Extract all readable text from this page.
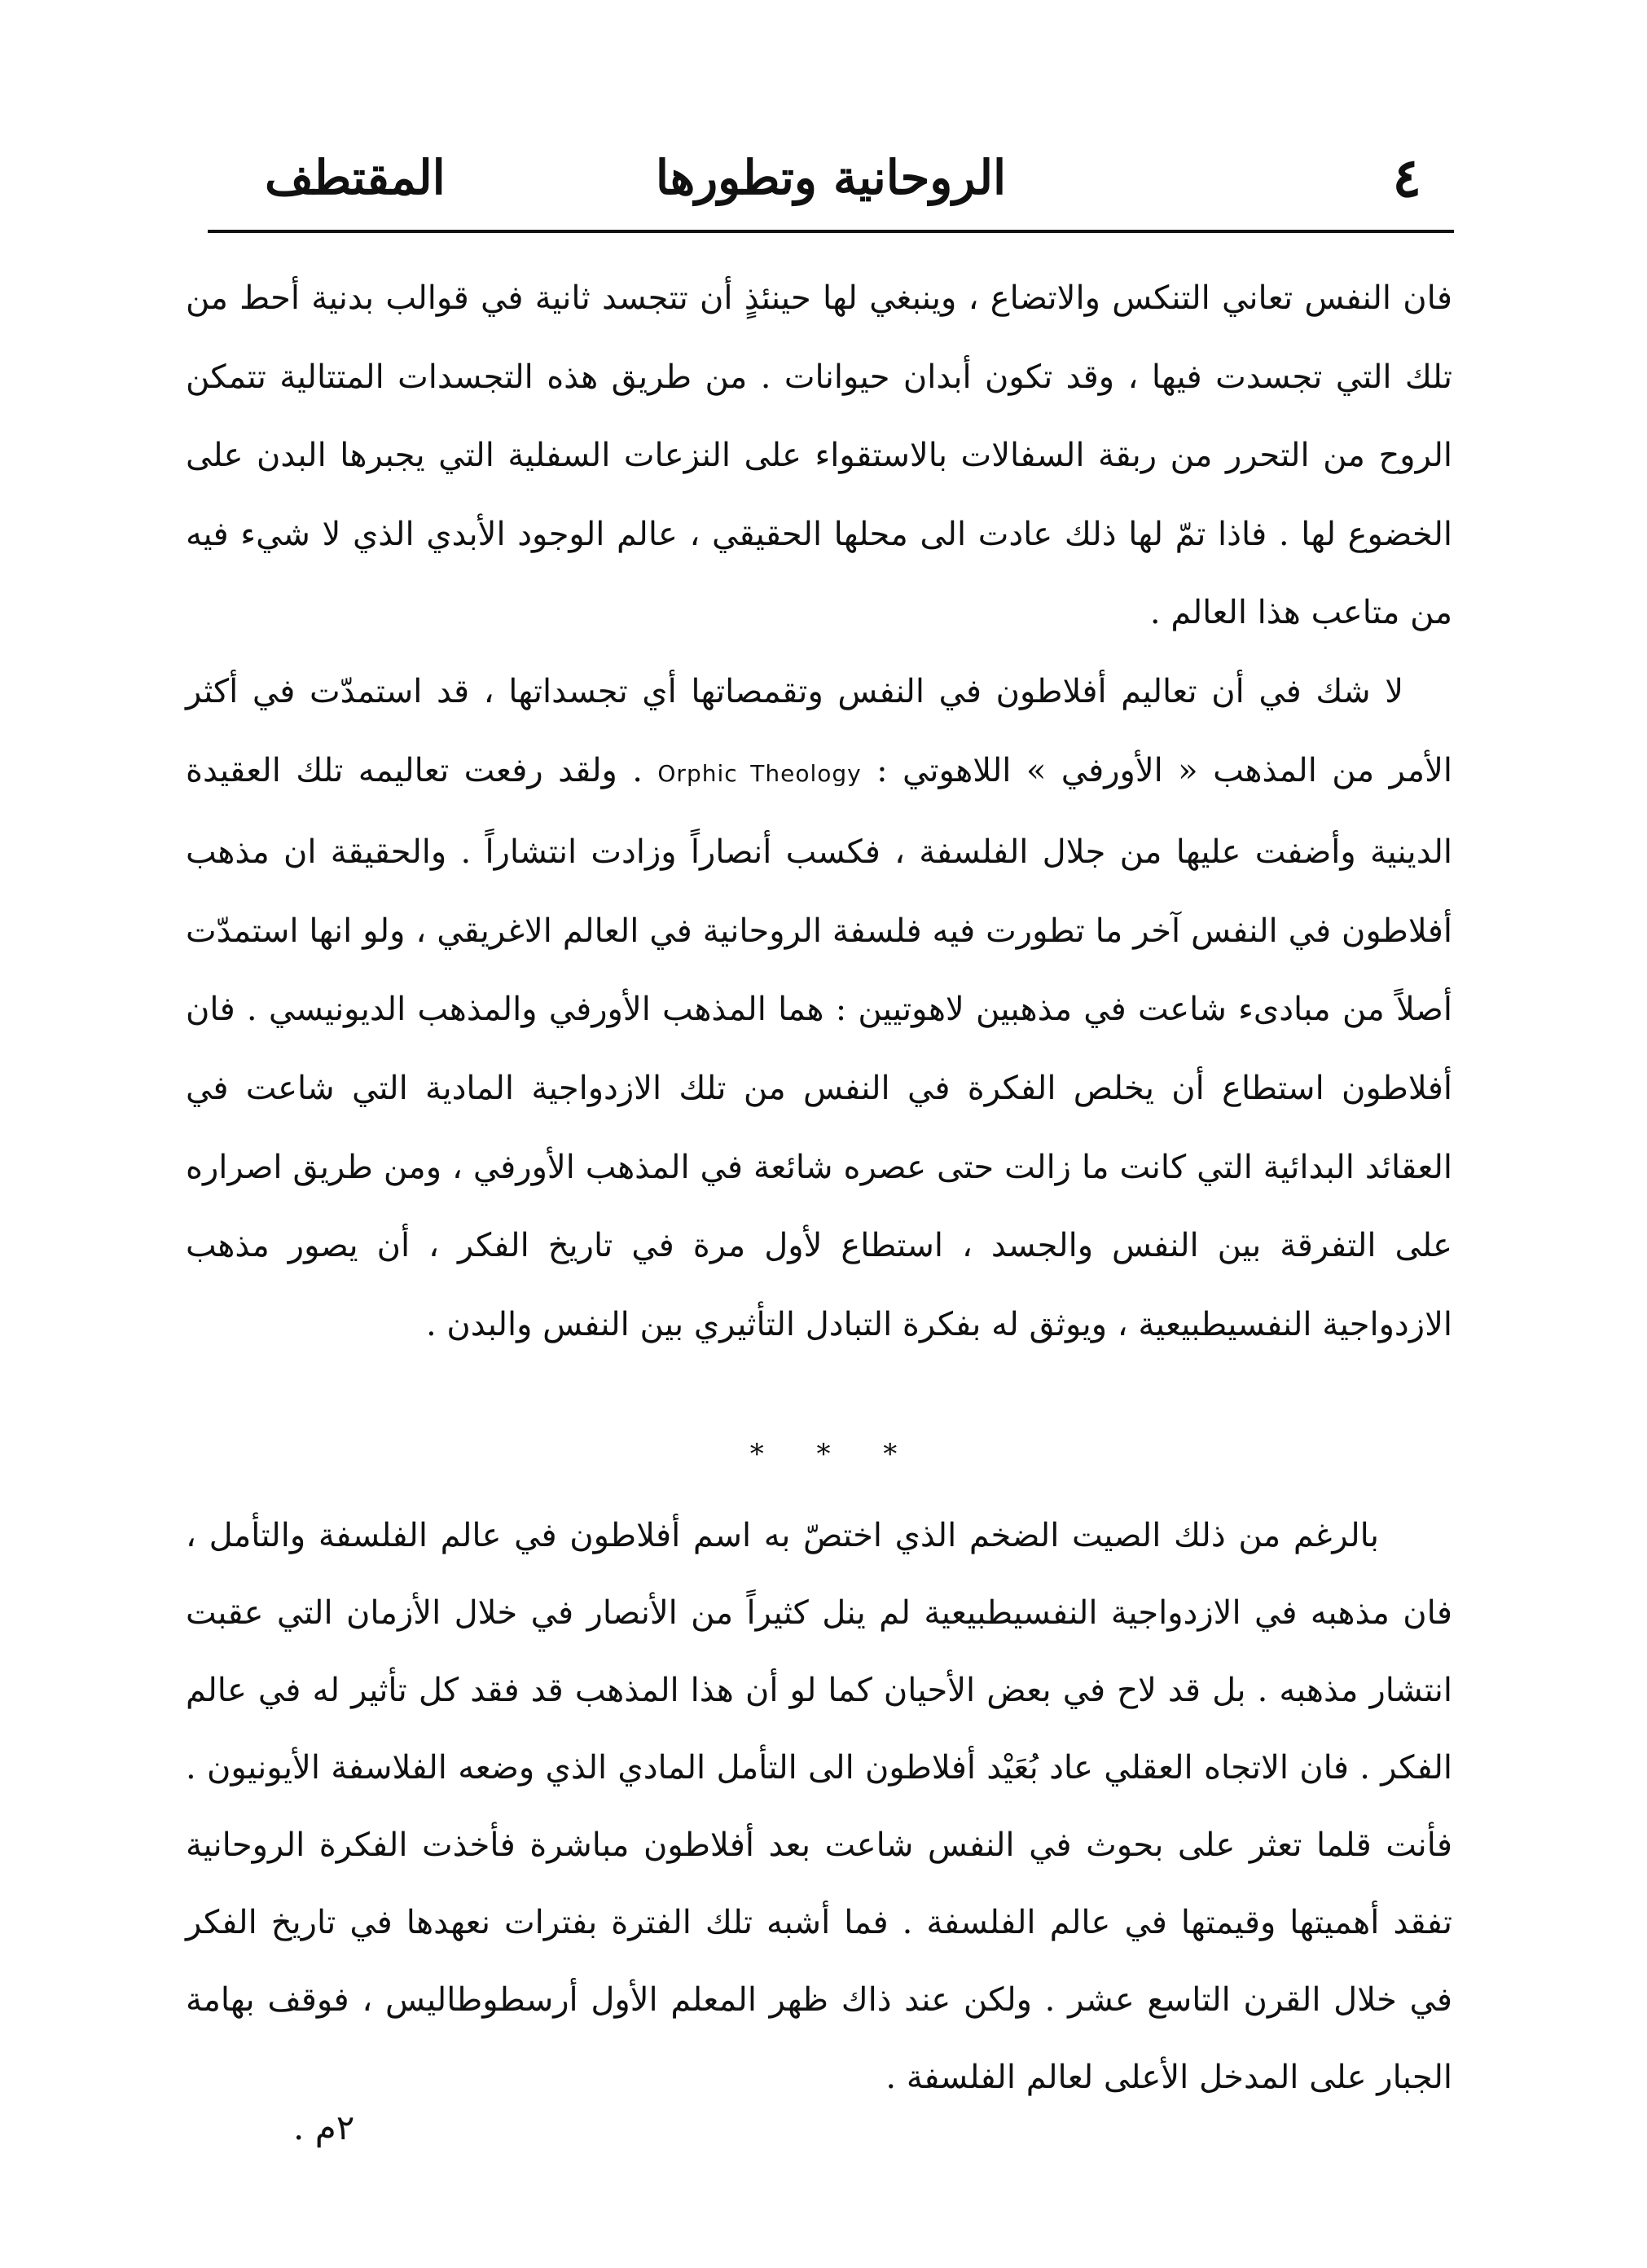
٤
الروحانية وتطورها
المقتطف

فان النفس تعاني التنكس والاتضاع ، وينبغي لها حينئذٍ أن تتجسد ثانية في قوالب بدنية أحط من تلك التي تجسدت فيها ، وقد تكون أبدان حيوانات . من طريق هذه التجسدات المتتالية تتمكن الروح من التحرر من ربقة السفالات بالاستقواء على النزعات السفلية التي يجبرها البدن على الخضوع لها . فاذا تمّ لها ذلك عادت الى محلها الحقيقي ، عالم الوجود الأبدي الذي لا شيء فيه من متاعب هذا العالم .

لا شك في أن تعاليم أفلاطون في النفس وتقمصاتها أي تجسداتها ، قد استمدّت في أكثر الأمر من المذهب « الأورفي » اللاهوتي : Orphic Theology . ولقد رفعت تعاليمه تلك العقيدة الدينية وأضفت عليها من جلال الفلسفة ، فكسب أنصاراً وزادت انتشاراً . والحقيقة ان مذهب أفلاطون في النفس آخر ما تطورت فيه فلسفة الروحانية في العالم الاغريقي ، ولو انها استمدّت أصلاً من مبادىء شاعت في مذهبين لاهوتيين : هما المذهب الأورفي والمذهب الديونيسي . فان أفلاطون استطاع أن يخلص الفكرة في النفس من تلك الازدواجية المادية التي شاعت في العقائد البدائية التي كانت ما زالت حتى عصره شائعة في المذهب الأورفي ، ومن طريق اصراره على التفرقة بين النفس والجسد ، استطاع لأول مرة في تاريخ الفكر ، أن يصور مذهب الازدواجية النفسيطبيعية ، ويوثق له بفكرة التبادل التأثيري بين النفس والبدن .

* * *

بالرغم من ذلك الصيت الضخم الذي اختصّ به اسم أفلاطون في عالم الفلسفة والتأمل ، فان مذهبه في الازدواجية النفسيطبيعية لم ينل كثيراً من الأنصار في خلال الأزمان التي عقبت انتشار مذهبه . بل قد لاح في بعض الأحيان كما لو أن هذا المذهب قد فقد كل تأثير له في عالم الفكر . فان الاتجاه العقلي عاد بُعَيْد أفلاطون الى التأمل المادي الذي وضعه الفلاسفة الأيونيون . فأنت قلما تعثر على بحوث في النفس شاعت بعد أفلاطون مباشرة فأخذت الفكرة الروحانية تفقد أهميتها وقيمتها في عالم الفلسفة . فما أشبه تلك الفترة بفترات نعهدها في تاريخ الفكر في خلال القرن التاسع عشر . ولكن عند ذاك ظهر المعلم الأول أرسطوطاليس ، فوقف بهامة الجبار على المدخل الأعلى لعالم الفلسفة .

٢م .
